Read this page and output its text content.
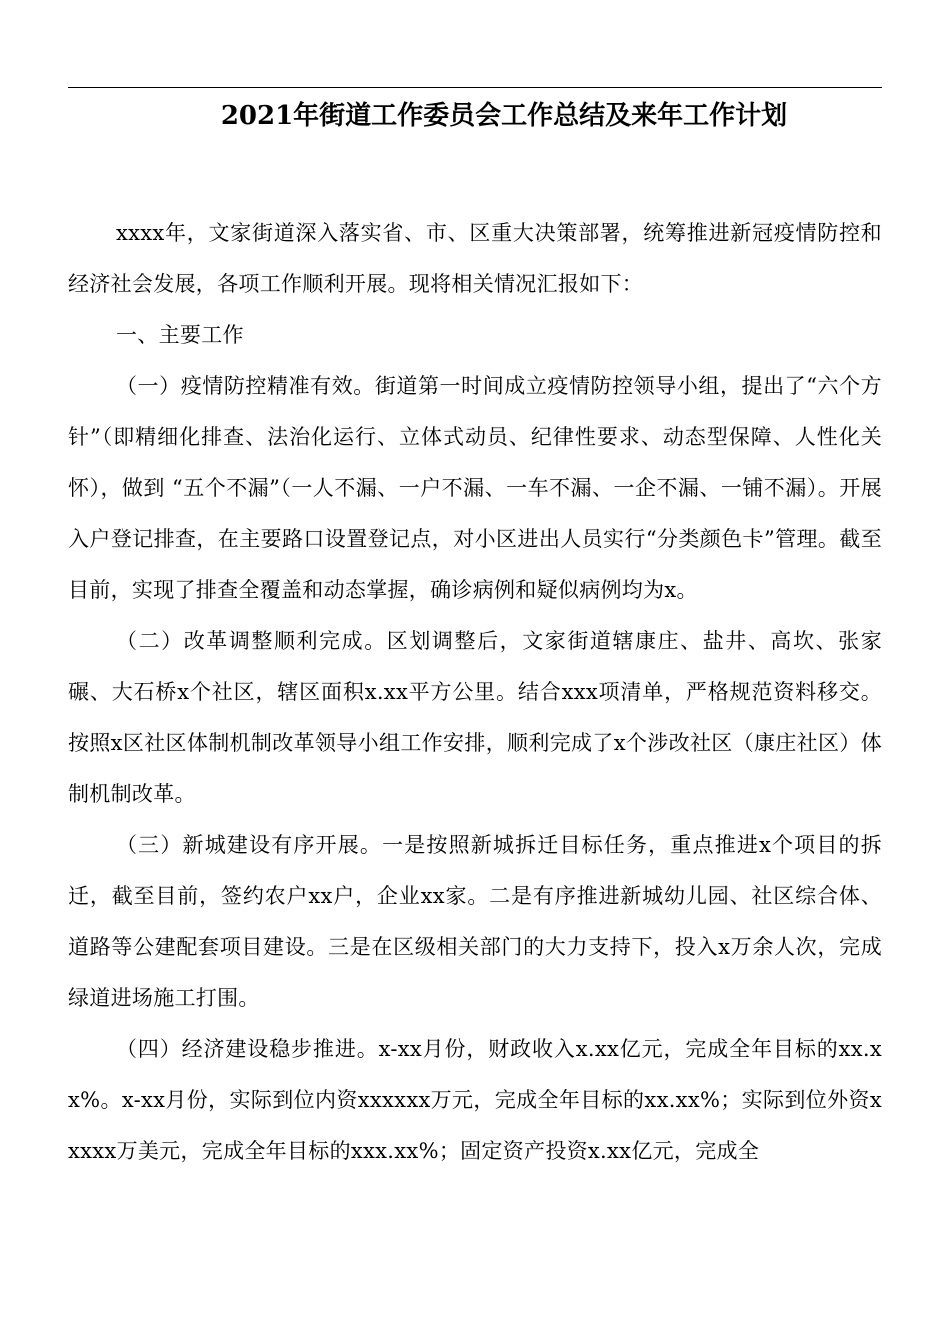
2021年街道工作委员会工作总结及来年工作计划

xxxx年，文家街道深入落实省、市、区重大决策部署，统筹推进新冠疫情防控和经济社会发展，各项工作顺利开展。现将相关情况汇报如下：

一、主要工作

（一）疫情防控精准有效。街道第一时间成立疫情防控领导小组，提出了“六个方针”（即精细化排查、法治化运行、立体式动员、纪律性要求、动态型保障、人性化关怀），做到 “五个不漏”（一人不漏、一户不漏、一车不漏、一企不漏、一铺不漏）。开展入户登记排查，在主要路口设置登记点，对小区进出人员实行“分类颜色卡”管理。截至目前，实现了排查全覆盖和动态掌握，确诊病例和疑似病例均为x。

（二）改革调整顺利完成。区划调整后，文家街道辖康庄、盐井、高坎、张家碾、大石桥x个社区，辖区面积x.xx平方公里。结合xxx项清单，严格规范资料移交。按照x区社区体制机制改革领导小组工作安排，顺利完成了x个涉改社区（康庄社区）体制机制改革。

（三）新城建设有序开展。一是按照新城拆迁目标任务，重点推进x个项目的拆迁，截至目前，签约农户xx户，企业xx家。二是有序推进新城幼儿园、社区综合体、道路等公建配套项目建设。三是在区级相关部门的大力支持下，投入x万余人次，完成绿道进场施工打围。

（四）经济建设稳步推进。x-xx月份，财政收入x.xx亿元，完成全年目标的xx.xx%。x-xx月份，实际到位内资xxxxxx万元，完成全年目标的xx.xx%；实际到位外资xxxxx万美元，完成全年目标的xxx.xx%；固定资产投资x.xx亿元，完成全
